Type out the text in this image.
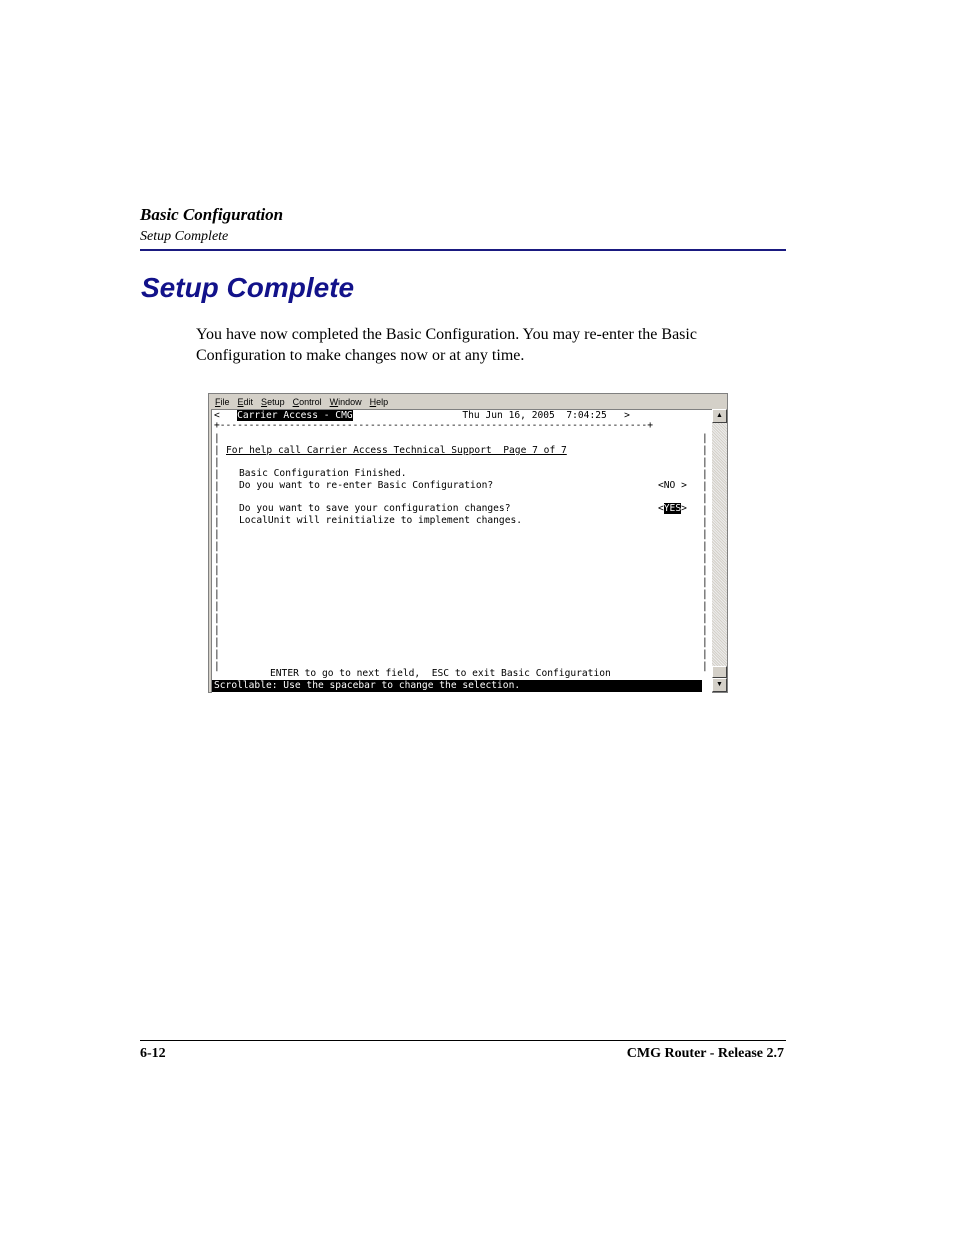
Basic Configuration
Setup Complete
Setup Complete
You have now completed the Basic Configuration. You may re-enter the Basic Configuration to make changes now or at any time.
File Edit Setup Control Window Help
<   Carrier Access - CMG                   Thu Jun 16, 2005  7:04:25   >
+--------------------------------------------------------------------------+
|
|
|
|
|
|
|
|
|
|
|
|
|
|
|
|
|
|
|
|
|
|
|
|
|
|
|
|
|
|
|
|
|
|
|
|
|
|
|
|
For help call Carrier Access Technical Support  Page 7 of 7
Basic Configuration Finished.
Do you want to re-enter Basic Configuration?	<NO >
Do you want to save your configuration changes?	<YES>
LocalUnit will reinitialize to implement changes.
ENTER to go to next field,  ESC to exit Basic Configuration
Scrollable: Use the spacebar to change the selection.
▲
▼
6-12	CMG Router - Release 2.7
